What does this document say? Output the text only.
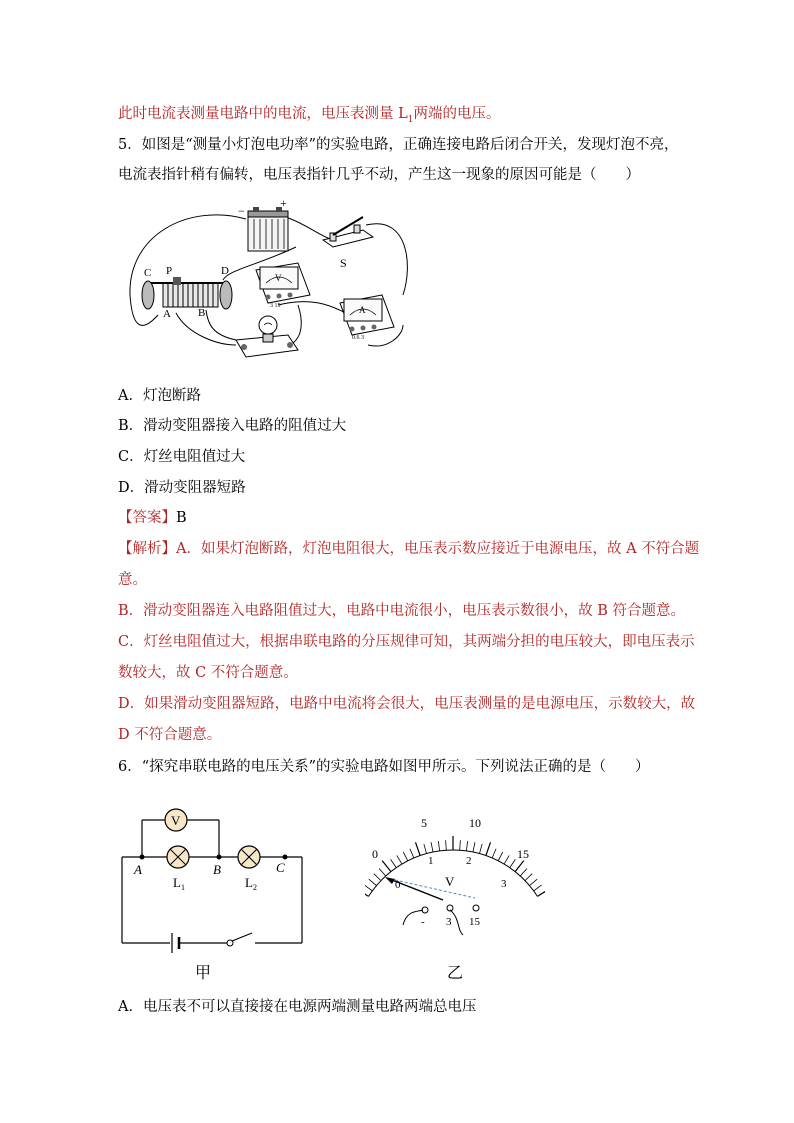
此时电流表测量电路中的电流，电压表测量 $L_1$两端的电压。
5．如图是“测量小灯泡电功率”的实验电路，正确连接电路后闭合开关，发现灯泡不亮，
电流表指针稍有偏转，电压表指针几乎不动，产生这一现象的原因可能是（　　）
−
+
S
C P	D
A B
V
3 15	A
0.6 3
A．灯泡断路
B．滑动变阻器接入电路的阻值过大
C．灯丝电阻值过大
D．滑动变阻器短路
【答案】B
【解析】A．如果灯泡断路，灯泡电阻很大，电压表示数应接近于电源电压，故 A 不符合题
意。
B．滑动变阻器连入电路阻值过大，电路中电流很小，电压表示数很小，故 B 符合题意。
C．灯丝电阻值过大，根据串联电路的分压规律可知，其两端分担的电压较大，即电压表示
数较大，故 C 不符合题意。
D．如果滑动变阻器短路，电路中电流将会很大，电压表测量的是电源电压，示数较大，故
D 不符合题意。
6．“探究串联电路的电压关系”的实验电路如图甲所示。下列说法正确的是（　　）
V
A	B	C
$L_1$	$L_2$
甲
0
5	10
15
0
1	2
3
V
- 3 15
乙
A．电压表不可以直接接在电源两端测量电路两端总电压
